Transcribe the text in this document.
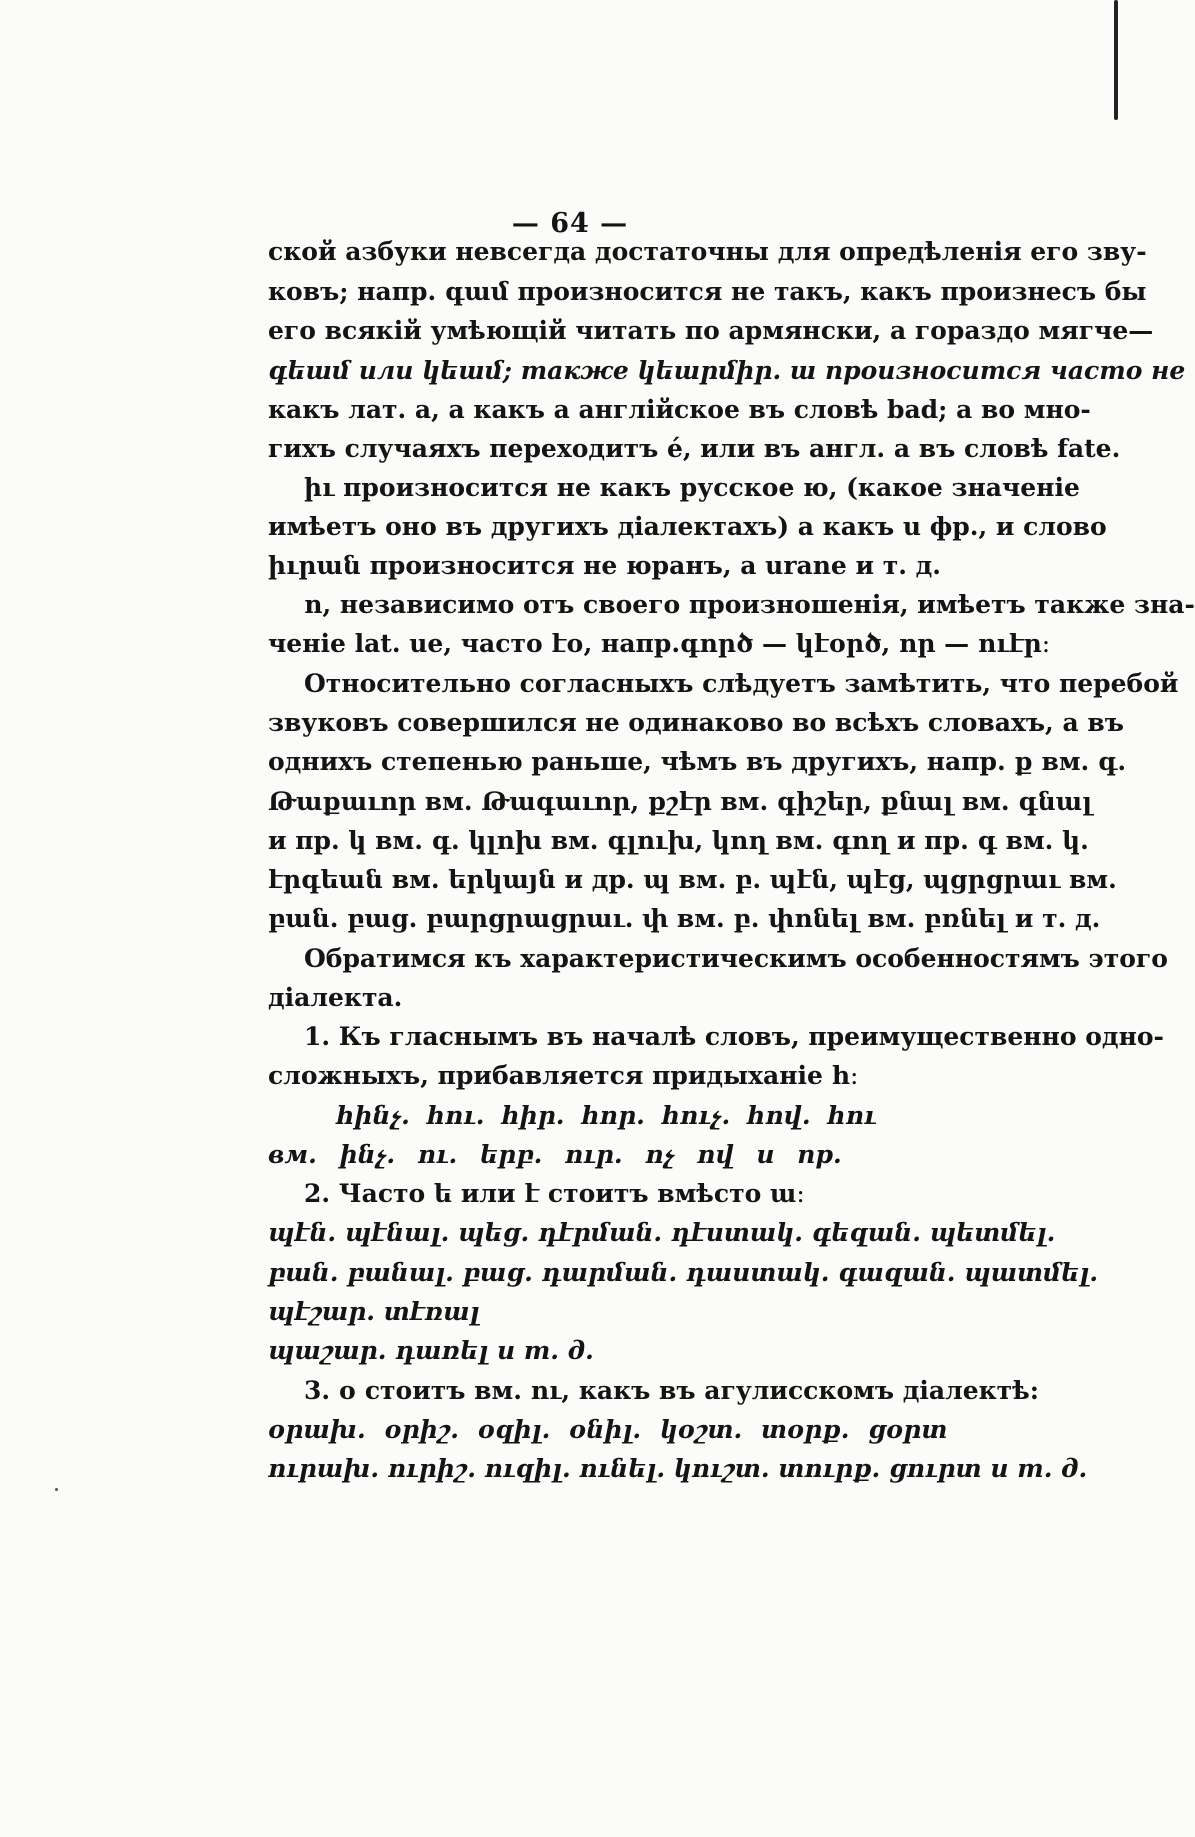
— 64 —
ской азбуки невсегда достаточны для опредѣленія его зву-
ковъ; напр. գամ произносится не такъ, какъ произнесъ бы
его всякій умѣющій читать по армянски, а гораздо мягче—
գեամ или կեամ; также կեարմիր. ա произносится часто не
какъ лат. a, а какъ a англійское въ словѣ bad; а во мно-
гихъ случаяхъ переходитъ é, или въ англ. a въ словѣ fate.
իւ произносится не какъ русское ю, (какое значеніе
имѣетъ оно въ другихъ діалектахъ) а какъ u фр., и слово
իւրան произносится не юранъ, а urane и т. д.
ո, независимо отъ своего произношенія, имѣетъ также зна-
ченіе lat. ue, часто էօ, напр.գործ — կէօրծ, որ — ուէր։
Относительно согласныхъ слѣдуетъ замѣтить, что перебой
звуковъ совершился не одинаково во всѣхъ словахъ, а въ
однихъ степенью раньше, чѣмъ въ другихъ, напр. ք вм. գ.
Թաքաւոր вм. Թագաւոր, քշէր вм. գիշեր, քնալ вм. գնալ
и пр. կ вм. գ. կլոխ вм. գլուխ, կող вм. գող и пр. գ вм. կ.
էրգեան вм. երկայն и др. պ вм. բ. պէն, պէց, պցրցրաւ вм.
բան. բաց. բարցրացրաւ. փ вм. բ. փոնել вм. բռնել и т. д.
Обратимся къ характеристическимъ особенностямъ этого
діалекта.
1. Къ гласнымъ въ началѣ словъ, преимущественно одно-
сложныхъ, прибавляется придыханіе հ։
հինչ. հու. հիր. հոր. հուչ. հով. հու
вм. ինչ. ու. երբ. ուր. ոչ ով и пр.
2. Часто ե или է стоитъ вмѣсто ա։
պէն. պէնալ. պեց. դէրման. դէստակ. գեզան. պետմել.
բան. բանալ. բաց. դարման. դաստակ. գազան. պատմել.
պէշար. տէռալ
պաշար. դառել и т. д.
3. օ стоитъ вм. ու, какъ въ агулисскомъ діалектѣ:
օրախ. օրիշ. օզիլ. օնիլ. կօշտ. տօրք. ցօրտ
ուրախ. ուրիշ. ուզիլ. ունել. կուշտ. տուրք. ցուրտ и т. д.
